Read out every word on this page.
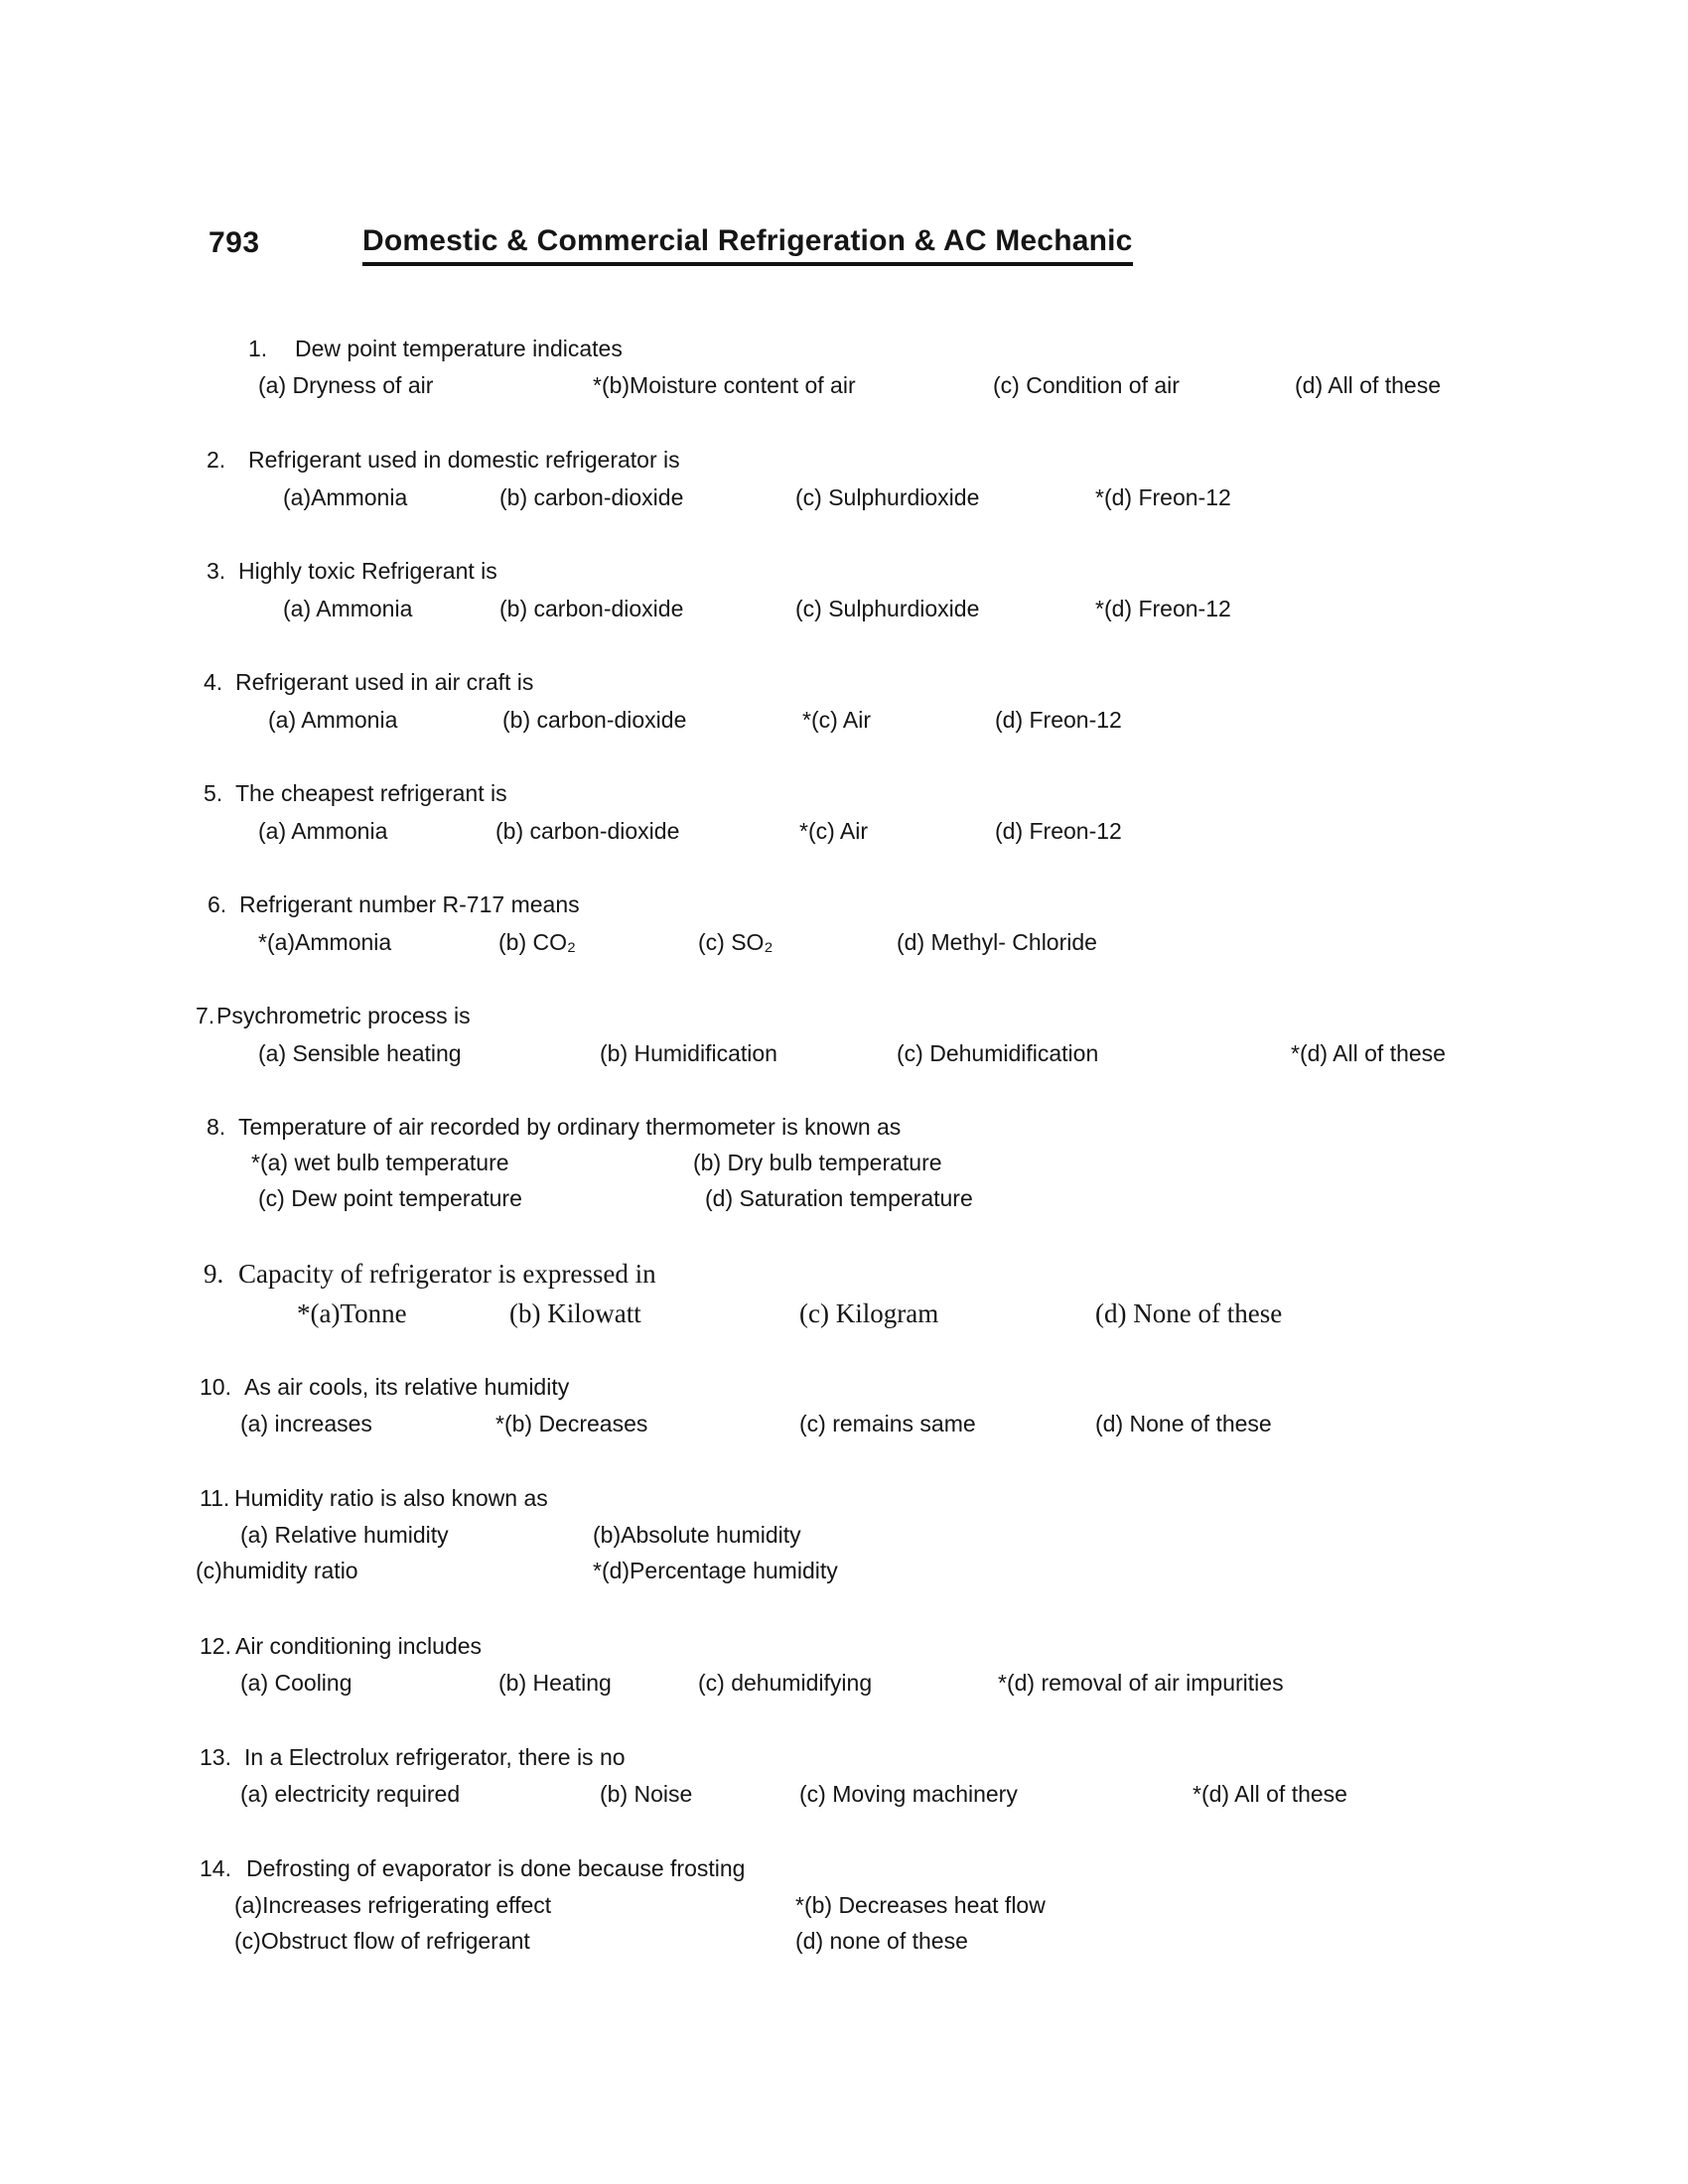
793	Domestic & Commercial Refrigeration & AC Mechanic
1. Dew point temperature indicates
(a) Dryness of air	*(b)Moisture content of air	(c) Condition of air	(d) All of these
2. Refrigerant used in domestic refrigerator is
(a)Ammonia	(b) carbon-dioxide	(c) Sulphurdioxide	*(d) Freon-12
3. Highly toxic Refrigerant is
(a) Ammonia	(b) carbon-dioxide	(c) Sulphurdioxide	*(d) Freon-12
4. Refrigerant used in air craft is
(a) Ammonia	(b) carbon-dioxide	*(c) Air	(d) Freon-12
5. The cheapest refrigerant is
(a) Ammonia	(b) carbon-dioxide	*(c) Air	(d) Freon-12
6. Refrigerant number R-717 means
*(a)Ammonia	(b) CO₂	(c) SO₂	(d) Methyl- Chloride
7. Psychrometric process is
(a) Sensible heating	(b) Humidification	(c) Dehumidification	*(d) All of these
8. Temperature of air recorded by ordinary thermometer is known as
*(a) wet bulb temperature	(b) Dry bulb temperature
(c) Dew point temperature	(d) Saturation temperature
9. Capacity of refrigerator is expressed in
*(a)Tonne	(b) Kilowatt	(c) Kilogram	(d) None of these
10. As air cools, its relative humidity
(a) increases	*(b) Decreases	(c) remains same	(d) None of these
11. Humidity ratio is also known as
(a) Relative humidity	(b)Absolute humidity
(c)humidity ratio	*(d)Percentage humidity
12. Air conditioning includes
(a) Cooling	(b) Heating	(c) dehumidifying	*(d) removal of air impurities
13. In a Electrolux refrigerator, there is no
(a) electricity required	(b) Noise	(c) Moving machinery	*(d) All of these
14. Defrosting of evaporator is done because frosting
(a)Increases refrigerating effect	*(b) Decreases heat flow
(c)Obstruct flow of refrigerant	(d) none of these
